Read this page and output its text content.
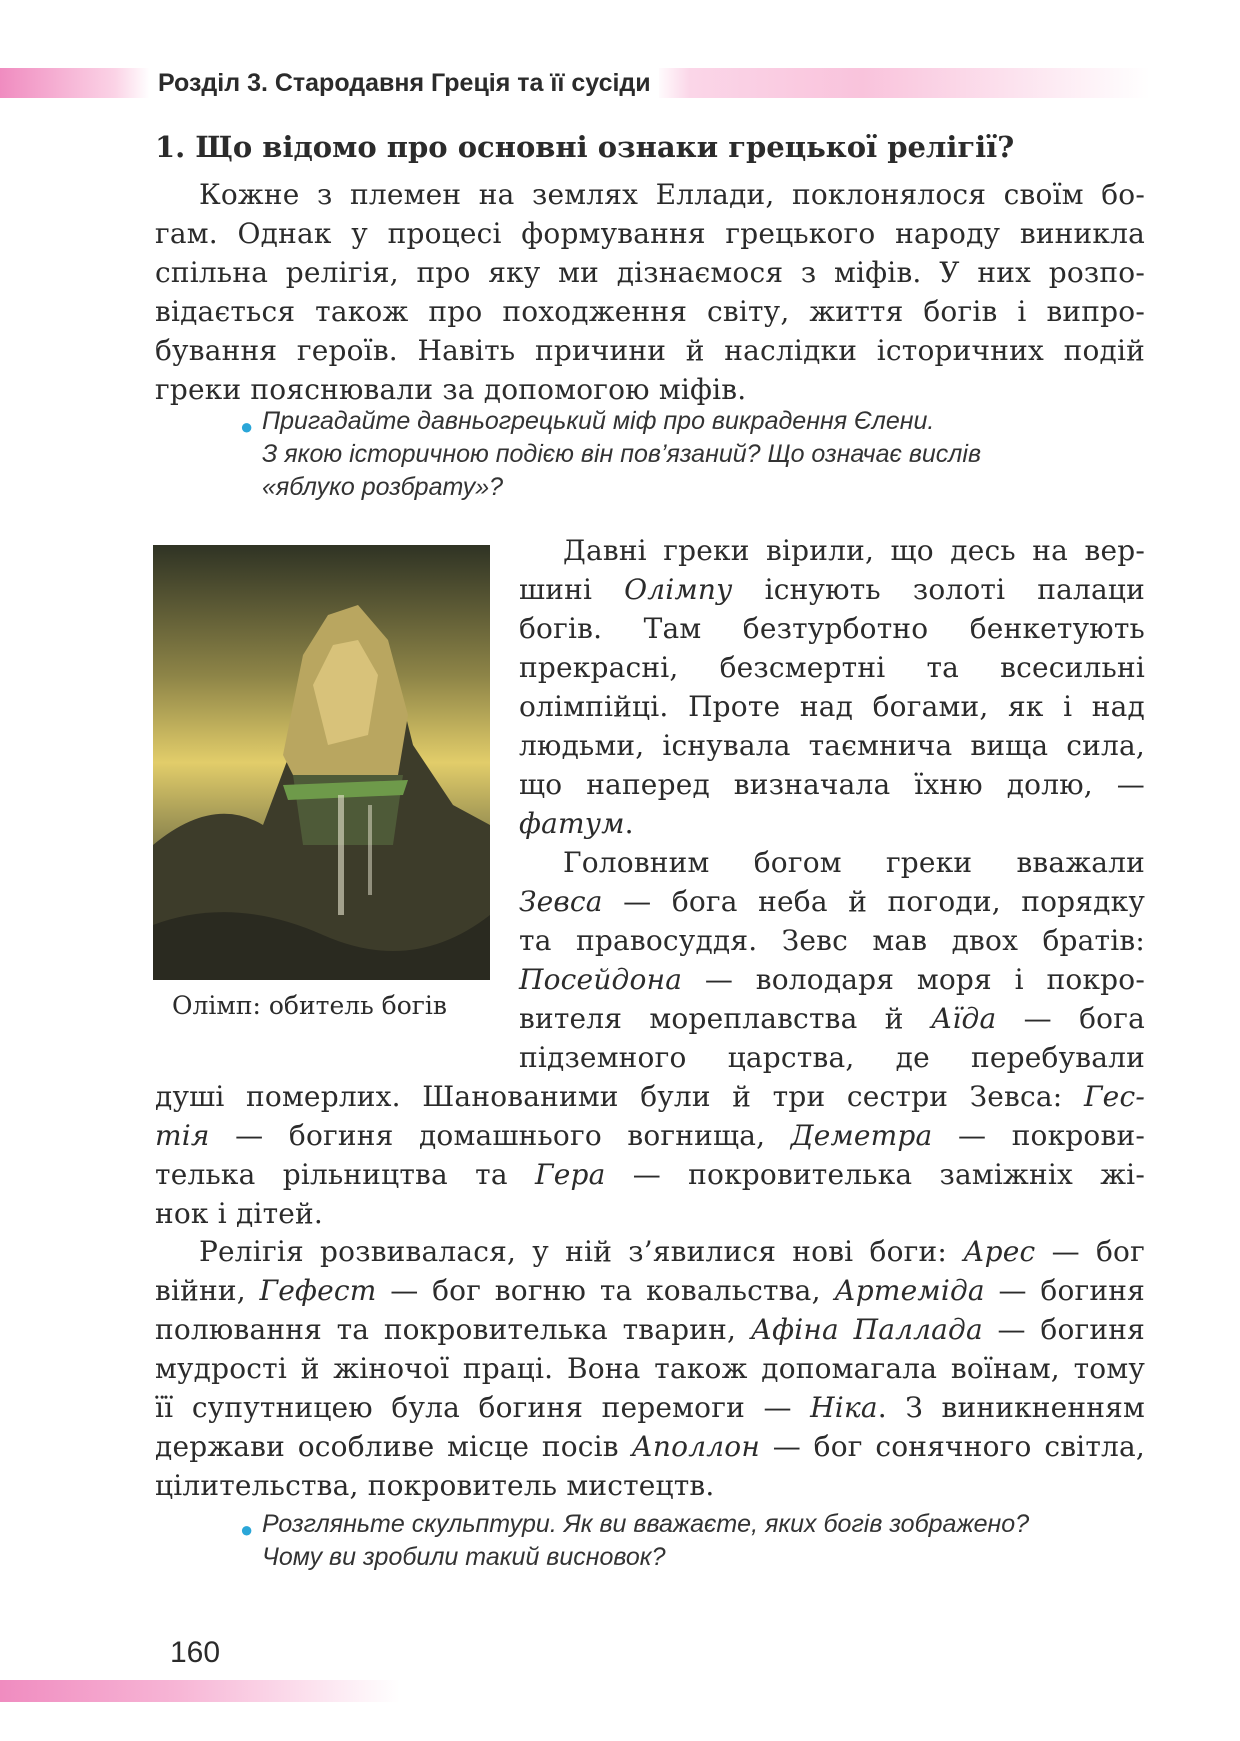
Розділ 3. Стародавня Греція та її сусіди
1. Що відомо про основні ознаки грецької релігії?
Кожне з племен на землях Еллади, поклонялося своїм бо-
гам. Однак у процесі формування грецького народу виникла
спільна релігія, про яку ми дізнаємося з міфів. У них розпо-
відається також про походження світу, життя богів і випро-
бування героїв. Навіть причини й наслідки історичних подій
греки пояснювали за допомогою міфів.
● Пригадайте давньогрецький міф про викрадення Єлени.
З якою історичною подією він пов’язаний? Що означає вислів
«яблуко розбрату»?
Олімп: обитель богів
Давні греки вірили, що десь на вер-
шині Олімпу існують золоті палаци
богів. Там безтурботно бенкетують
прекрасні, безсмертні та всесильні
олімпійці. Проте над богами, як і над
людьми, існувала таємнича вища сила,
що наперед визначала їхню долю, —
фатум.
Головним богом греки вважали
Зевса — бога неба й погоди, порядку
та правосуддя. Зевс мав двох братів:
Посейдона — володаря моря і покро-
вителя мореплавства й Аїда — бога
підземного царства, де перебували
душі померлих. Шанованими були й три сестри Зевса: Гес-
тія — богиня домашнього вогнища, Деметра — покрови-
телька рільництва та Гера — покровителька заміжніх жі-
нок і дітей.
Релігія розвивалася, у ній з’явилися нові боги: Арес — бог
війни, Гефест — бог вогню та ковальства, Артеміда — богиня
полювання та покровителька тварин, Афіна Паллада — богиня
мудрості й жіночої праці. Вона також допомагала воїнам, тому
її супутницею була богиня перемоги — Ніка. З виникненням
держави особливе місце посів Аполлон — бог сонячного світла,
цілительства, покровитель мистецтв.
● Розгляньте скульптури. Як ви вважаєте, яких богів зображено?
Чому ви зробили такий висновок?
160
